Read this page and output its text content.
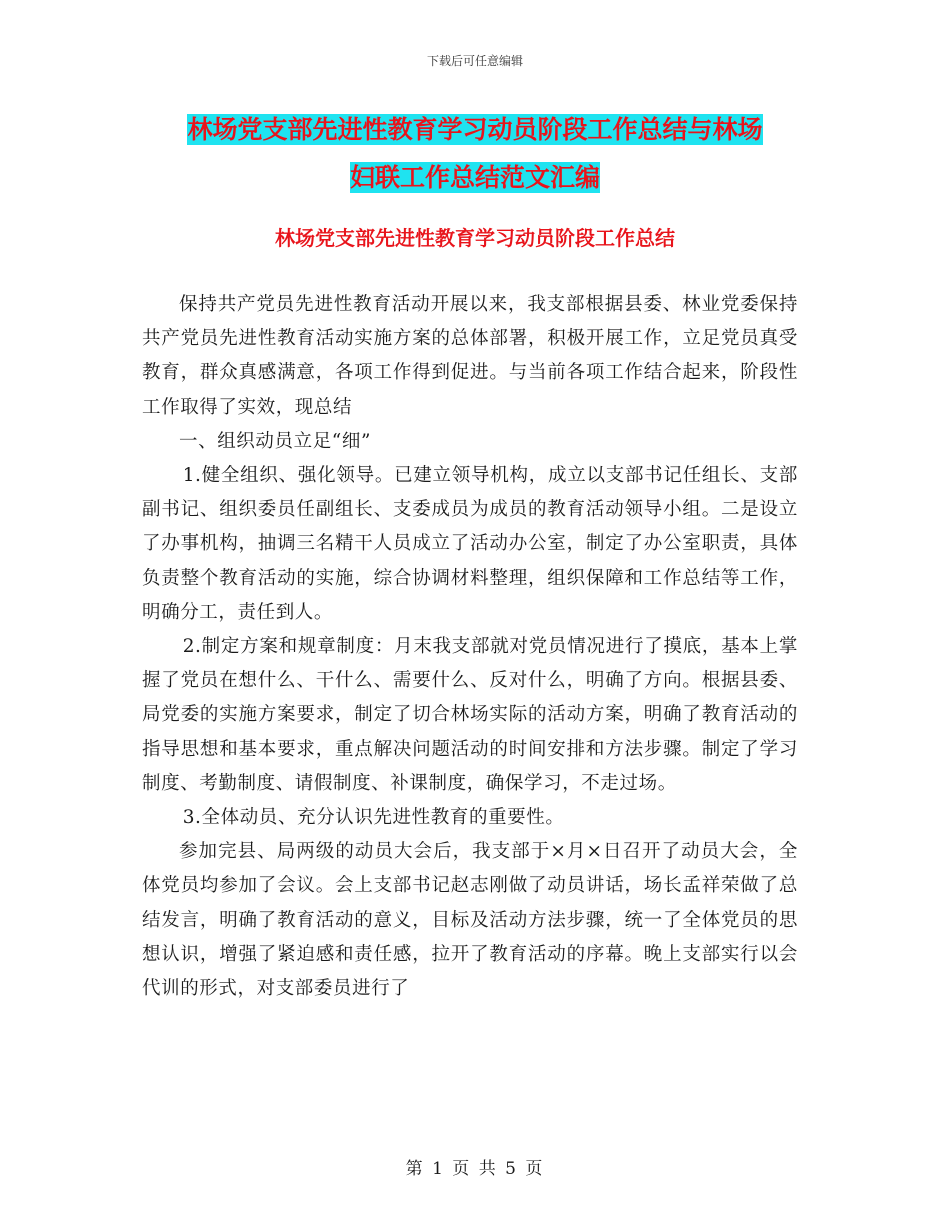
下载后可任意编辑
林场党支部先进性教育学习动员阶段工作总结与林场
妇联工作总结范文汇编
林场党支部先进性教育学习动员阶段工作总结

保持共产党员先进性教育活动开展以来，我支部根据县委、林业党委保持共产党员先进性教育活动实施方案的总体部署，积极开展工作，立足党员真受教育，群众真感满意，各项工作得到促进。与当前各项工作结合起来，阶段性工作取得了实效，现总结

一、组织动员立足“细”

1.健全组织、强化领导。已建立领导机构，成立以支部书记任组长、支部副书记、组织委员任副组长、支委成员为成员的教育活动领导小组。二是设立了办事机构，抽调三名精干人员成立了活动办公室，制定了办公室职责，具体负责整个教育活动的实施，综合协调材料整理，组织保障和工作总结等工作，明确分工，责任到人。

2.制定方案和规章制度：月末我支部就对党员情况进行了摸底，基本上掌握了党员在想什么、干什么、需要什么、反对什么，明确了方向。根据县委、局党委的实施方案要求，制定了切合林场实际的活动方案，明确了教育活动的指导思想和基本要求，重点解决问题活动的时间安排和方法步骤。制定了学习制度、考勤制度、请假制度、补课制度，确保学习，不走过场。

3.全体动员、充分认识先进性教育的重要性。

参加完县、局两级的动员大会后，我支部于×月×日召开了动员大会，全体党员均参加了会议。会上支部书记赵志刚做了动员讲话，场长孟祥荣做了总结发言，明确了教育活动的意义，目标及活动方法步骤，统一了全体党员的思想认识，增强了紧迫感和责任感，拉开了教育活动的序幕。晚上支部实行以会代训的形式，对支部委员进行了

第 1 页 共 5 页
